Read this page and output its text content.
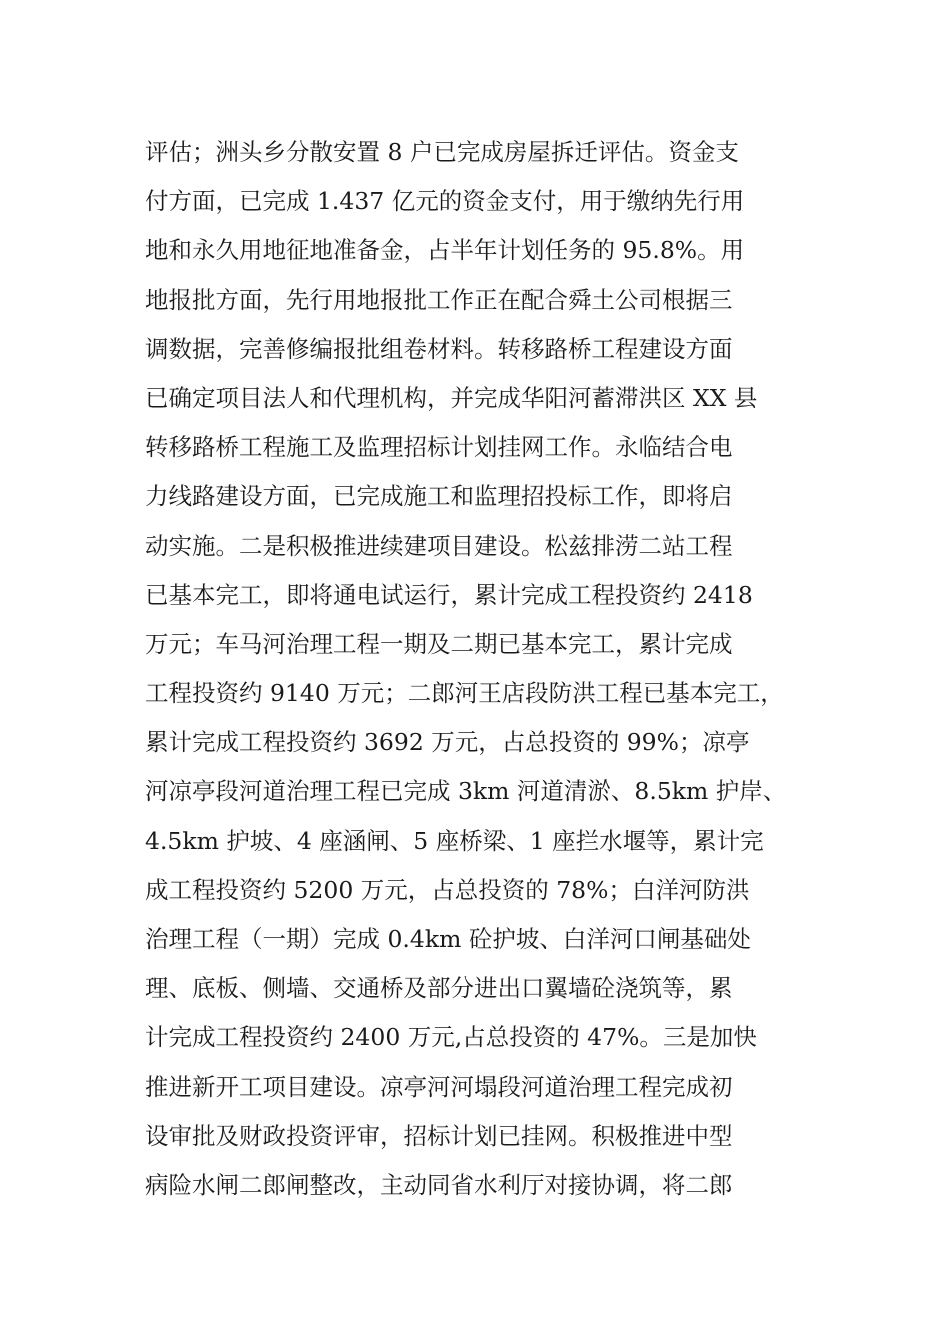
评估；洲头乡分散安置 8 户已完成房屋拆迁评估。资金支
付方面，已完成 1.437 亿元的资金支付，用于缴纳先行用
地和永久用地征地准备金，占半年计划任务的 95.8%。用
地报批方面，先行用地报批工作正在配合舜土公司根据三
调数据，完善修编报批组卷材料。转移路桥工程建设方面
已确定项目法人和代理机构，并完成华阳河蓄滞洪区 XX 县
转移路桥工程施工及监理招标计划挂网工作。永临结合电
力线路建设方面，已完成施工和监理招投标工作，即将启
动实施。二是积极推进续建项目建设。松兹排涝二站工程
已基本完工，即将通电试运行，累计完成工程投资约 2418
万元；车马河治理工程一期及二期已基本完工，累计完成
工程投资约 9140 万元；二郎河王店段防洪工程已基本完工，
累计完成工程投资约 3692 万元，占总投资的 99%；凉亭
河凉亭段河道治理工程已完成 3km 河道清淤、8.5km 护岸、
4.5km 护坡、4 座涵闸、5 座桥梁、1 座拦水堰等，累计完
成工程投资约 5200 万元，占总投资的 78%；白洋河防洪
治理工程（一期）完成 0.4km 砼护坡、白洋河口闸基础处
理、底板、侧墙、交通桥及部分进出口翼墙砼浇筑等，累
计完成工程投资约 2400 万元,占总投资的 47%。三是加快
推进新开工项目建设。凉亭河河塌段河道治理工程完成初
设审批及财政投资评审，招标计划已挂网。积极推进中型
病险水闸二郎闸整改，主动同省水利厅对接协调，将二郎
